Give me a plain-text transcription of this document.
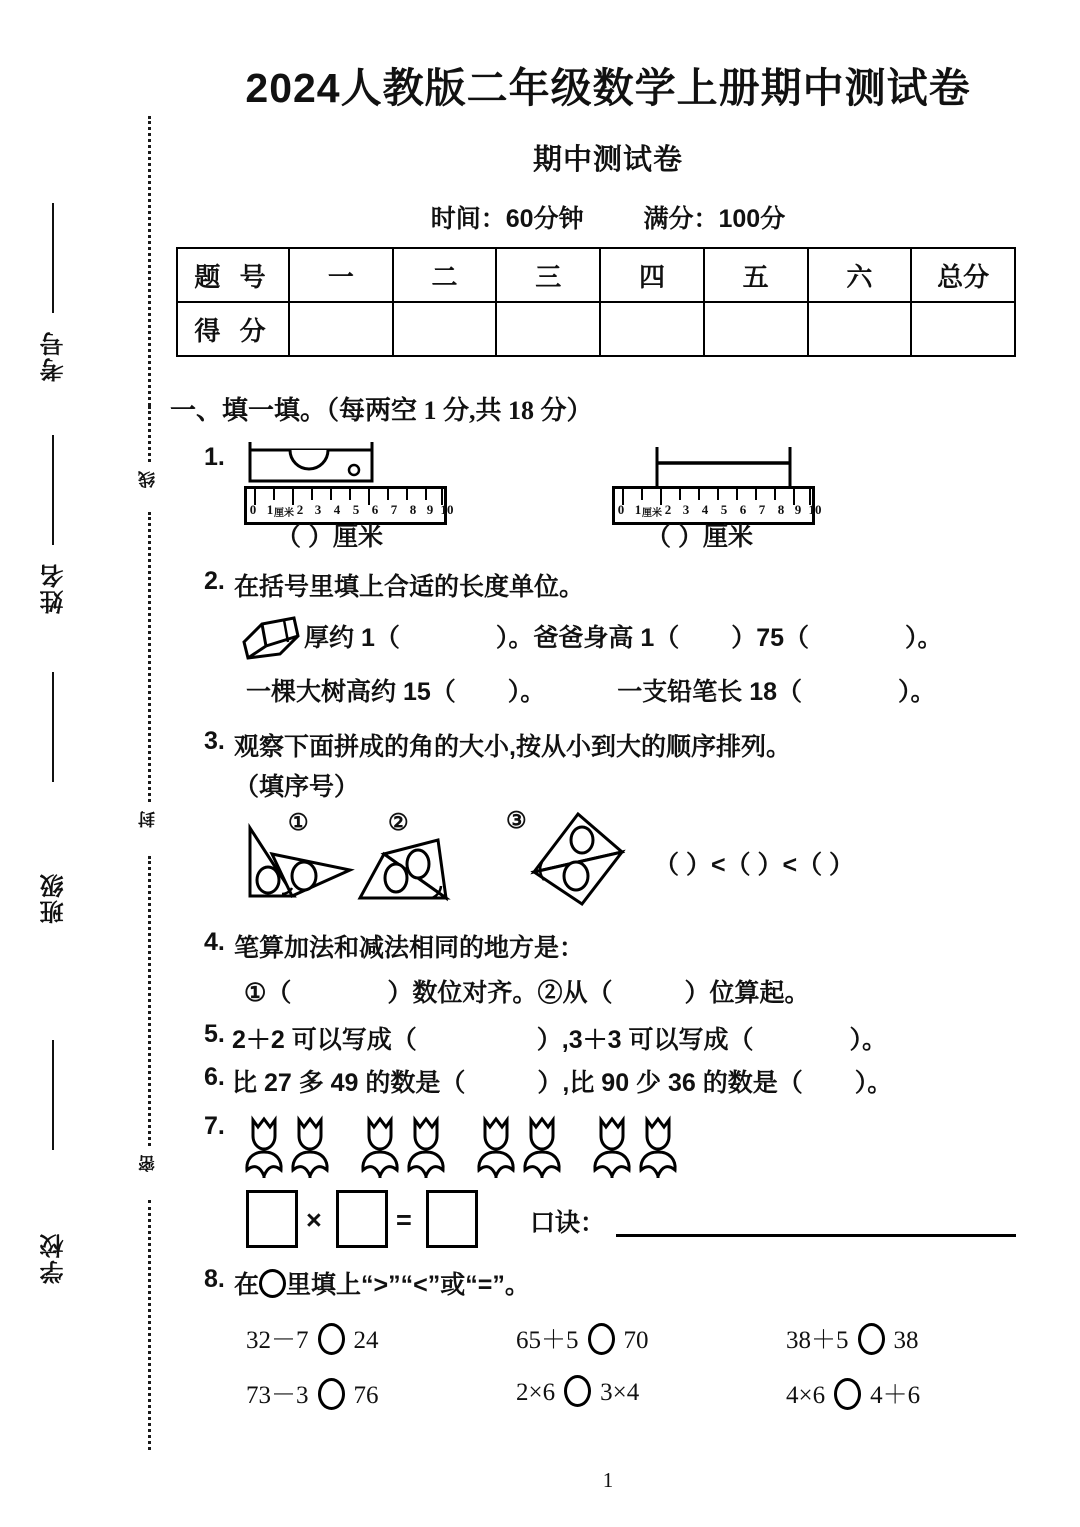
线
封
密
考号
姓名
班级
学校
2024人教版二年级数学上册期中测试卷
期中测试卷
时间：60分钟 满分：100分
题 号	一	二	三	四	五	六	总分
得 分							
一、填一填。（每两空 1 分,共 18 分）
1.
0 1 厘米 2 3 4 5 6 7 8 9 10
（ ）厘米
0 1 厘米 2 3 4 5 6 7 8 9 10
（ ）厘米
2. 在括号里填上合适的长度单位。
厚约 1（	）。爸爸身高 1（ ）75（	）。
一棵大树高约 15（ ）。	一支铅笔长 18（	）。
3. 观察下面拼成的角的大小,按从小到大的顺序排列。
（填序号）
①	②	③
（ ）<（ ）<（ ）
4. 笔算加法和减法相同的地方是：
①（	）数位对齐。②从（	）位算起。
5. 2＋2 可以写成（	）,3＋3 可以写成（	）。
6. 比 27 多 49 的数是（	）,比 90 少 36 的数是（ ）。
7.
×	=	口诀：
8. 在 里填上“>”“<”或“=”。
32－7 24	65＋5 70	38＋5 38
73－3 76	2×6 3×4	4×6 4＋6
1
